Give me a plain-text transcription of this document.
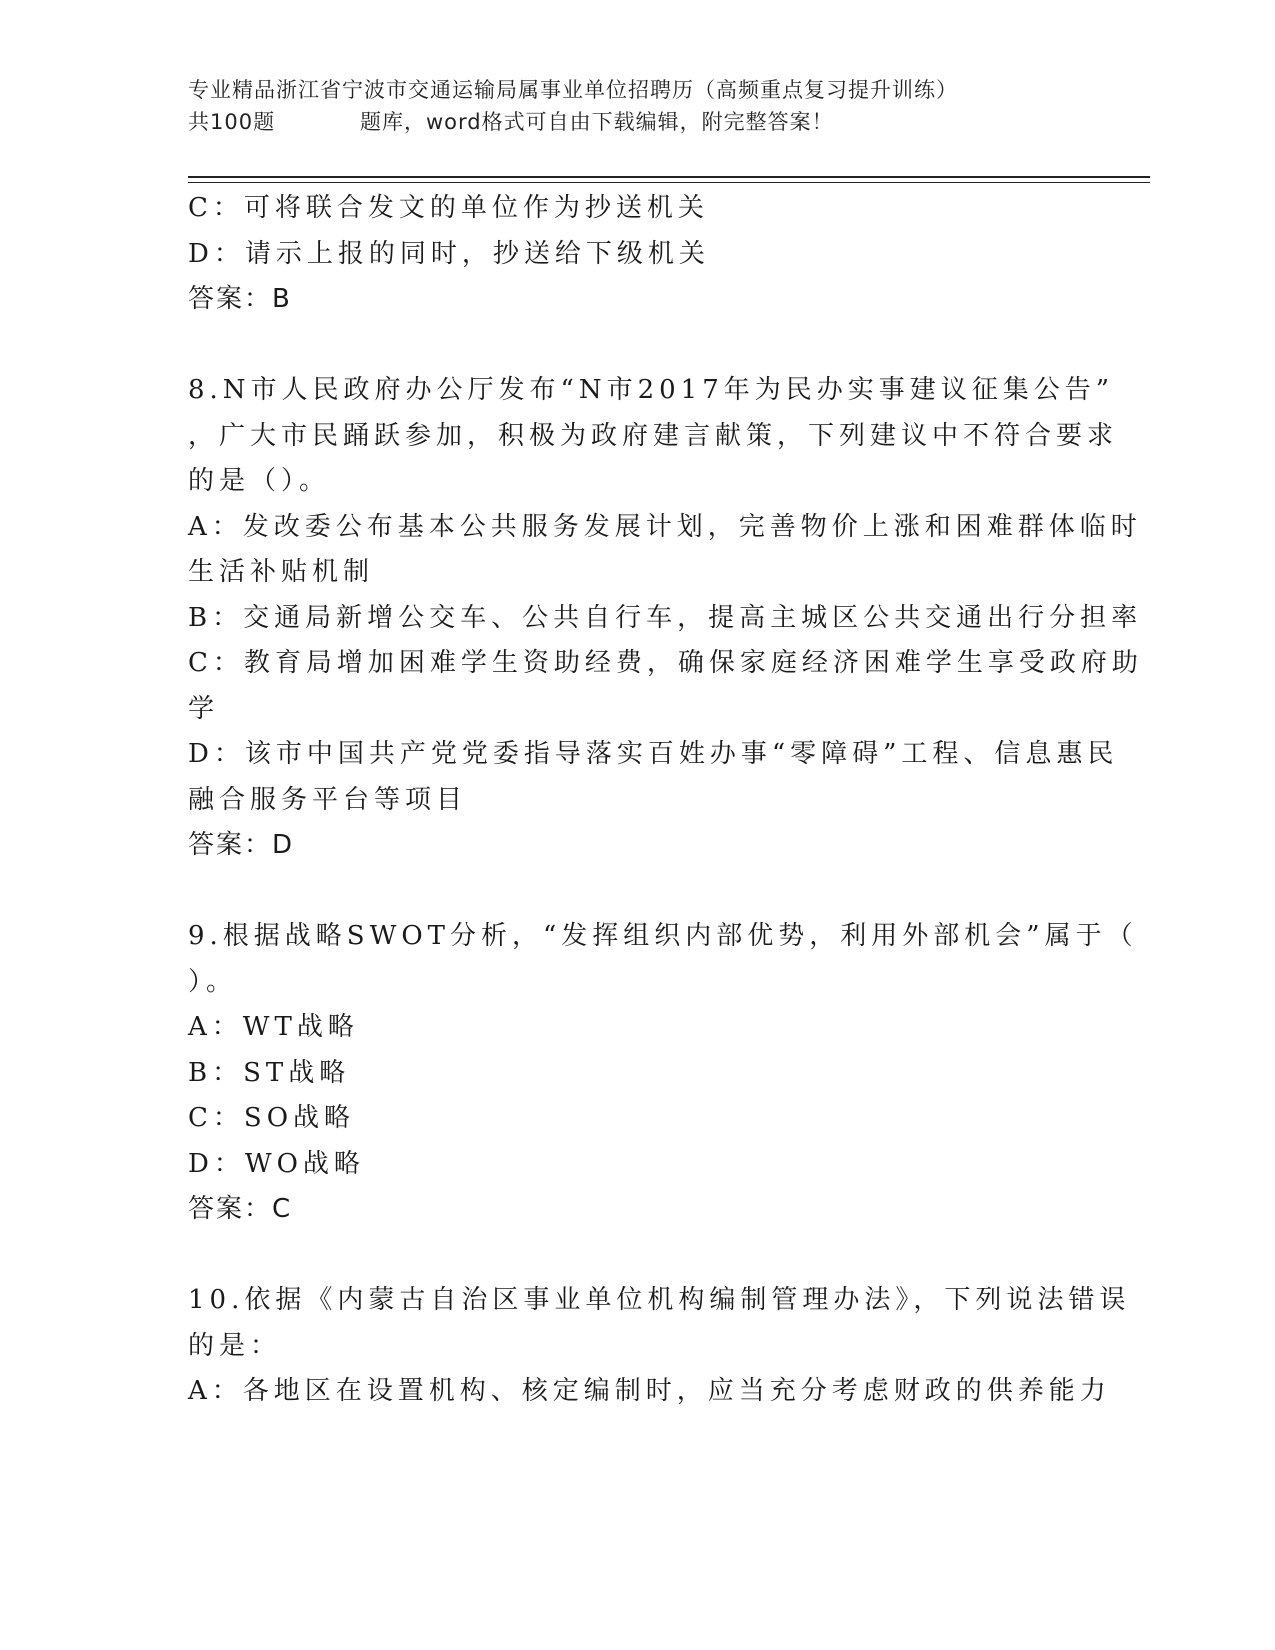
专业精品浙江省宁波市交通运输局属事业单位招聘历（高频重点复习提升训练）
共100题	题库，word格式可自由下载编辑，附完整答案！
C：可将联合发文的单位作为抄送机关
D：请示上报的同时，抄送给下级机关
答案：B
8.N市人民政府办公厅发布“N市2017年为民办实事建议征集公告”
，广大市民踊跃参加，积极为政府建言献策，下列建议中不符合要求
的是（）。
A：发改委公布基本公共服务发展计划，完善物价上涨和困难群体临时
生活补贴机制
B：交通局新增公交车、公共自行车，提高主城区公共交通出行分担率
C：教育局增加困难学生资助经费，确保家庭经济困难学生享受政府助
学
D：该市中国共产党党委指导落实百姓办事“零障碍”工程、信息惠民
融合服务平台等项目
答案：D
9.根据战略SWOT分析，“发挥组织内部优势，利用外部机会”属于（
）。
A：WT战略
B：ST战略
C：SO战略
D：WO战略
答案：C
10.依据《内蒙古自治区事业单位机构编制管理办法》，下列说法错误
的是：
A：各地区在设置机构、核定编制时，应当充分考虑财政的供养能力
